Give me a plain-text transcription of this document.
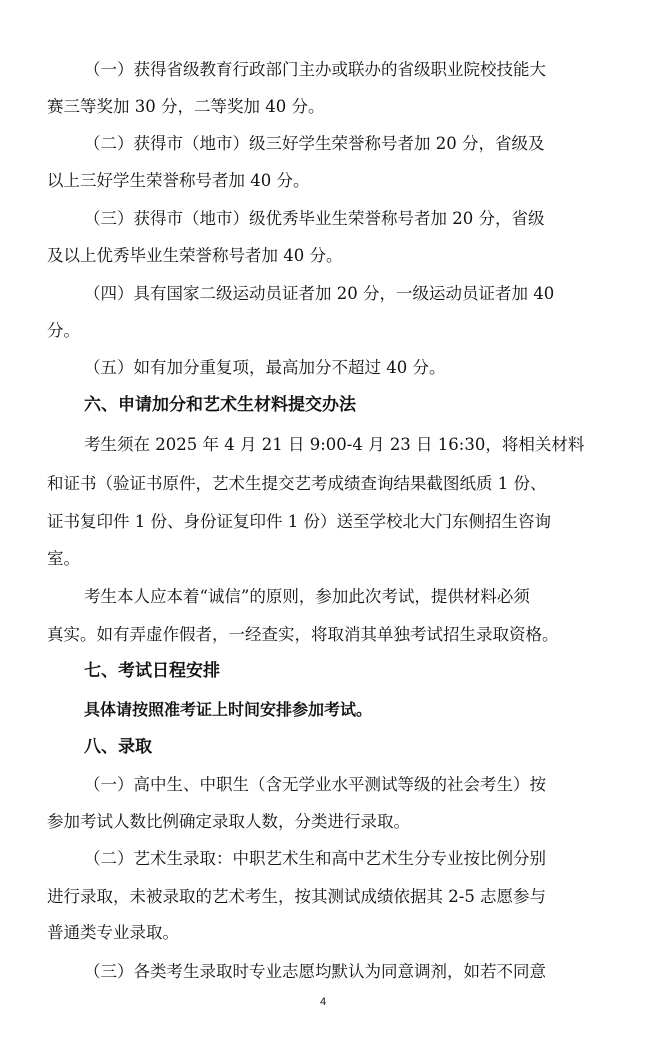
（一）获得省级教育行政部门主办或联办的省级职业院校技能大
赛三等奖加 30 分，二等奖加 40 分。
（二）获得市（地市）级三好学生荣誉称号者加 20 分，省级及
以上三好学生荣誉称号者加 40 分。
（三）获得市（地市）级优秀毕业生荣誉称号者加 20 分，省级
及以上优秀毕业生荣誉称号者加 40 分。
（四）具有国家二级运动员证者加 20 分，一级运动员证者加 40
分。
（五）如有加分重复项，最高加分不超过 40 分。
六、申请加分和艺术生材料提交办法
考生须在 2025 年 4 月 21 日 9:00-4 月 23 日 16:30，将相关材料
和证书（验证书原件，艺术生提交艺考成绩查询结果截图纸质 1 份、
证书复印件 1 份、身份证复印件 1 份）送至学校北大门东侧招生咨询
室。
考生本人应本着“诚信”的原则，参加此次考试，提供材料必须
真实。如有弄虚作假者，一经查实，将取消其单独考试招生录取资格。
七、考试日程安排
具体请按照准考证上时间安排参加考试。
八、录取
（一）高中生、中职生（含无学业水平测试等级的社会考生）按
参加考试人数比例确定录取人数，分类进行录取。
（二）艺术生录取：中职艺术生和高中艺术生分专业按比例分别
进行录取，未被录取的艺术考生，按其测试成绩依据其 2-5 志愿参与
普通类专业录取。
（三）各类考生录取时专业志愿均默认为同意调剂，如若不同意
4
